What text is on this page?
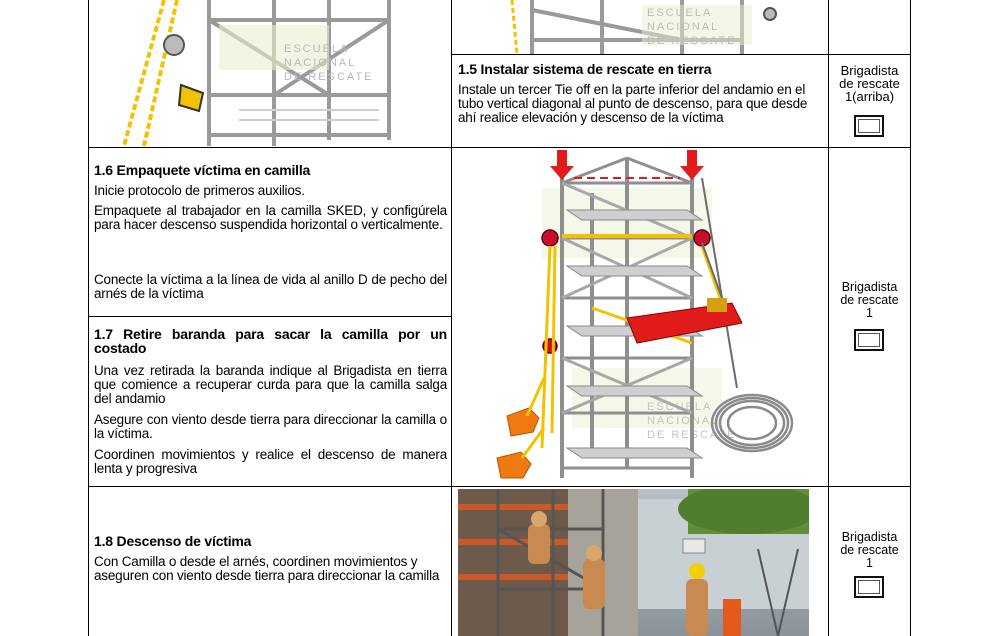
ESCUELA
NACIONAL
DE RESCATE
ESCUELA
NACIONAL
DE RESCATE
1.5 Instalar sistema de rescate en tierra
Instale un tercer Tie off en la parte inferior del andamio en el tubo vertical diagonal al punto de descenso, para que desde ahí realice elevación y descenso de la víctima
Brigadista
de rescate
1(arriba)
1.6 Empaquete víctima en camilla
Inicie protocolo de primeros auxilios.
Empaquete al trabajador en la camilla SKED, y configúrela para hacer descenso suspendida horizontal o verticalmente.
Conecte la víctima a la línea de vida al anillo D de pecho del arnés de la víctima
1.7 Retire baranda para sacar la camilla por un costado
Una vez retirada la baranda indique al Brigadista en tierra que comience a recuperar curda para que la camilla salga del andamio
Asegure con viento desde tierra para direccionar la camilla o la víctima.
Coordinen movimientos y realice el descenso de manera lenta y progresiva
ESCUELA
NACIONAL
DE RESCATE
Brigadista
de rescate
1
1.8 Descenso de víctima
Con Camilla o desde el arnés, coordinen movimientos y aseguren con viento desde tierra para direccionar la camilla
Brigadista
de rescate
1
